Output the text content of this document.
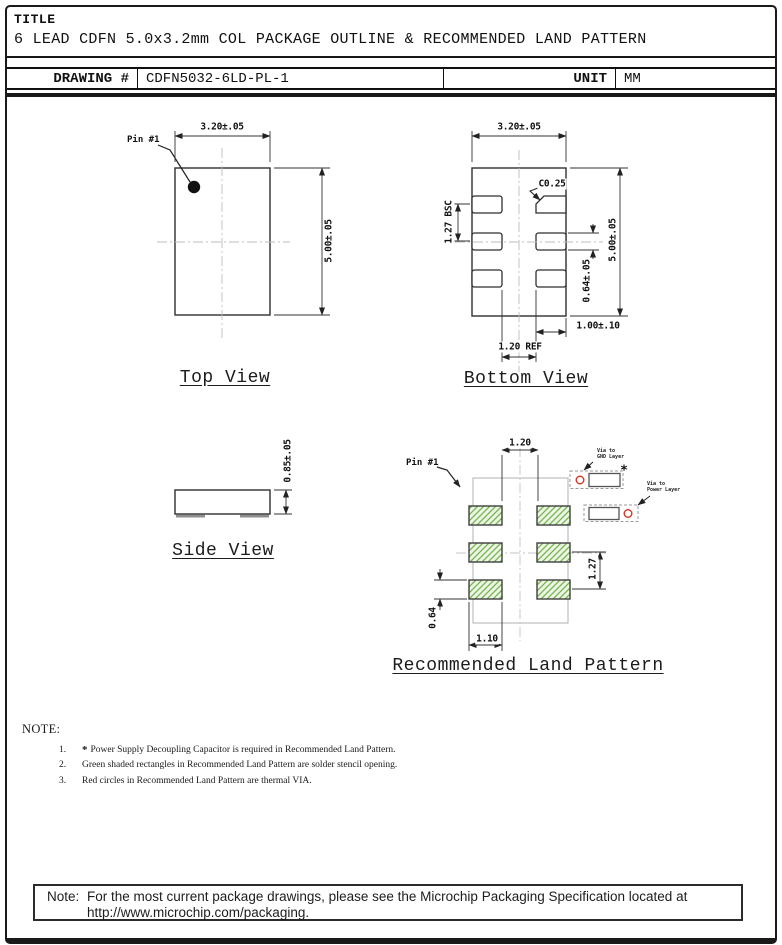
TITLE
6 LEAD CDFN 5.0x3.2mm COL PACKAGE OUTLINE & RECOMMENDED LAND PATTERN
DRAWING #	CDFN5032-6LD-PL-1	UNIT	MM
Pin #1
3.20±.05
5.00±.05
Top View
3.20±.05
5.00±.05
1.27 BSC
C0.25
0.64±.05
1.00±.10
1.20 REF
Bottom View
0.85±.05
Side View
Pin #1
1.20
1.10
0.64
1.27
*
Via to
GND Layer
Via to
Power Layer
Recommended Land Pattern
NOTE:
1. * Power Supply Decoupling Capacitor is required in Recommended Land Pattern.
2. Green shaded rectangles in Recommended Land Pattern are solder stencil opening.
3. Red circles in Recommended Land Pattern are thermal VIA.
Note: For the most current package drawings, please see the Microchip Packaging Specification located at
http://www.microchip.com/packaging.
